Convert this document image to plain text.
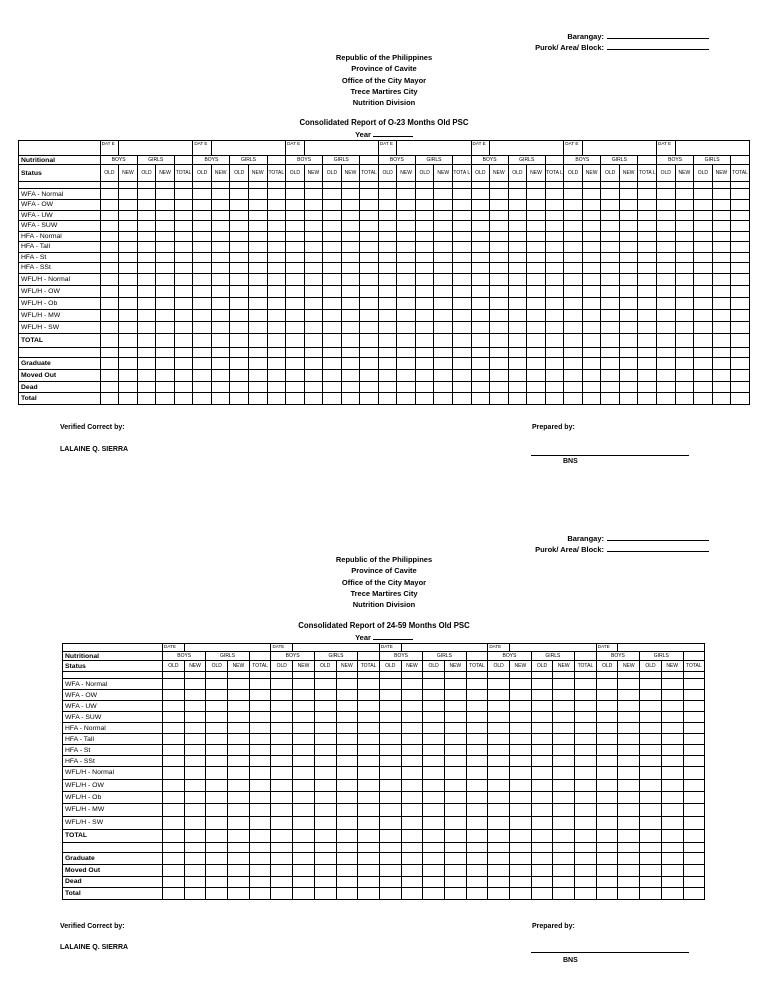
Barangay:
Purok/ Area/ Block:
Republic of the Philippines
Province of Cavite
Office of the City Mayor
Trece Martires City
Nutrition Division
Consolidated Report of O-23 Months Old PSC
Year
	DAT E					DAT E					DAT E					DAT E					DAT E					DAT E					DAT E				
Nutritional	BOYS		GIRLS			BOYS		GIRLS			BOYS		GIRLS			BOYS		GIRLS			BOYS		GIRLS			BOYS		GIRLS			BOYS		GIRLS		
Status	OLD	NEW	OLD	NEW	TOTAL	OLD	NEW	OLD	NEW	TOTAL	OLD	NEW	OLD	NEW	TOTAL	OLD	NEW	OLD	NEW	TOTA L	OLD	NEW	OLD	NEW	TOTA L	OLD	NEW	OLD	NEW	TOTA L	OLD	NEW	OLD	NEW	TOTAL

WFA - Normal																																			
WFA - OW																																			
WFA - UW																																			
WFA - SUW																																			
HFA - Normal																																			
HFA - Tall																																			
HFA - St																																			
HFA - SSt																																			
WFL/H - Normal																																			
WFL/H - OW																																			
WFL/H - Ob																																			
WFL/H - MW																																			
WFL/H - SW																																			
TOTAL																																			

Graduate																																			
Moved Out																																			
Dead																																			
Total																																			
Verified Correct by:
LALAINE Q. SIERRA
Prepared by:
BNS
Barangay:
Purok/ Area/ Block:
Republic of the Philippines
Province of Cavite
Office of the City Mayor
Trece Martires City
Nutrition Division
Consolidated Report of 24-59 Months Old PSC
Year
	DATE					DATE					DATE					DATE					DATE				
Nutritional	BOYS		GIRLS			BOYS		GIRLS			BOYS		GIRLS			BOYS		GIRLS			BOYS		GIRLS		
Status	OLD	NEW	OLD	NEW	TOTAL	OLD	NEW	OLD	NEW	TOTAL	OLD	NEW	OLD	NEW	TOTAL	OLD	NEW	OLD	NEW	TOTAL	OLD	NEW	OLD	NEW	TOTAL

WFA - Normal																									
WFA - OW																									
WFA - UW																									
WFA - SUW																									
HFA - Normal																									
HFA - Tall																									
HFA - St																									
HFA - SSt																									
WFL/H - Normal																									
WFL/H - OW																									
WFL/H - Ob																									
WFL/H - MW																									
WFL/H - SW																									
TOTAL																									

Graduate																									
Moved Out																									
Dead																									
Total																									
Verified Correct by:
LALAINE Q. SIERRA
Prepared by:
BNS
